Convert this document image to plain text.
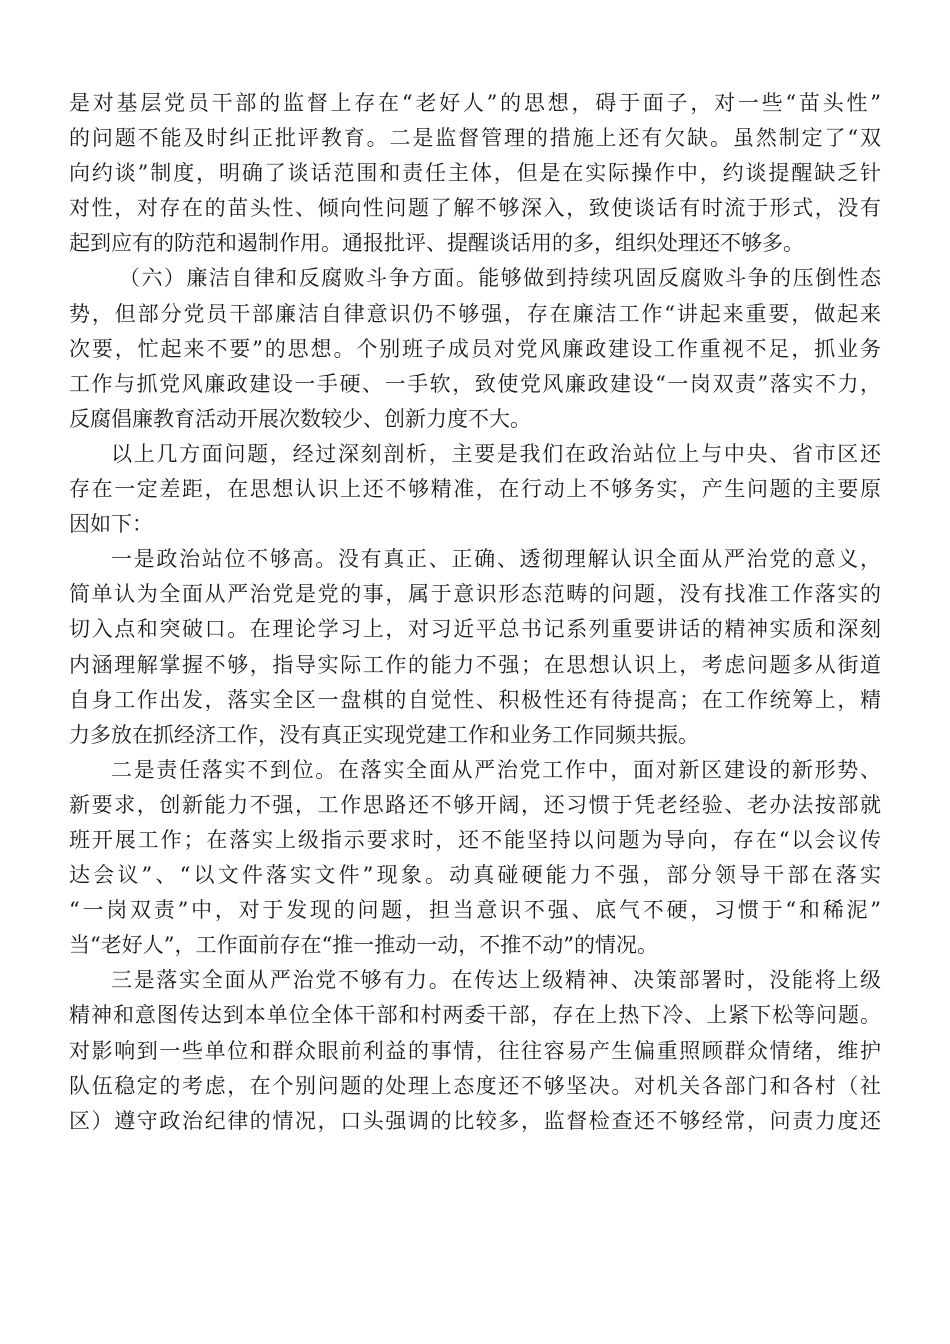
是对基层党员干部的监督上存在“老好人”的思想，碍于面子，对一些“苗头性”
的问题不能及时纠正批评教育。二是监督管理的措施上还有欠缺。虽然制定了“双
向约谈”制度，明确了谈话范围和责任主体，但是在实际操作中，约谈提醒缺乏针
对性，对存在的苗头性、倾向性问题了解不够深入，致使谈话有时流于形式，没有
起到应有的防范和遏制作用。通报批评、提醒谈话用的多，组织处理还不够多。
（六）廉洁自律和反腐败斗争方面。能够做到持续巩固反腐败斗争的压倒性态
势，但部分党员干部廉洁自律意识仍不够强，存在廉洁工作“讲起来重要，做起来
次要，忙起来不要”的思想。个别班子成员对党风廉政建设工作重视不足，抓业务
工作与抓党风廉政建设一手硬、一手软，致使党风廉政建设“一岗双责”落实不力，
反腐倡廉教育活动开展次数较少、创新力度不大。
以上几方面问题，经过深刻剖析，主要是我们在政治站位上与中央、省市区还
存在一定差距，在思想认识上还不够精准，在行动上不够务实，产生问题的主要原
因如下：
一是政治站位不够高。没有真正、正确、透彻理解认识全面从严治党的意义，
简单认为全面从严治党是党的事，属于意识形态范畴的问题，没有找准工作落实的
切入点和突破口。在理论学习上，对习近平总书记系列重要讲话的精神实质和深刻
内涵理解掌握不够，指导实际工作的能力不强；在思想认识上，考虑问题多从街道
自身工作出发，落实全区一盘棋的自觉性、积极性还有待提高；在工作统筹上，精
力多放在抓经济工作，没有真正实现党建工作和业务工作同频共振。
二是责任落实不到位。在落实全面从严治党工作中，面对新区建设的新形势、
新要求，创新能力不强，工作思路还不够开阔，还习惯于凭老经验、老办法按部就
班开展工作；在落实上级指示要求时，还不能坚持以问题为导向，存在“以会议传
达会议”、“以文件落实文件”现象。动真碰硬能力不强，部分领导干部在落实
“一岗双责”中，对于发现的问题，担当意识不强、底气不硬，习惯于“和稀泥”
当“老好人”，工作面前存在“推一推动一动，不推不动”的情况。
三是落实全面从严治党不够有力。在传达上级精神、决策部署时，没能将上级
精神和意图传达到本单位全体干部和村两委干部，存在上热下冷、上紧下松等问题。
对影响到一些单位和群众眼前利益的事情，往往容易产生偏重照顾群众情绪，维护
队伍稳定的考虑，在个别问题的处理上态度还不够坚决。对机关各部门和各村（社
区）遵守政治纪律的情况，口头强调的比较多，监督检查还不够经常，问责力度还
